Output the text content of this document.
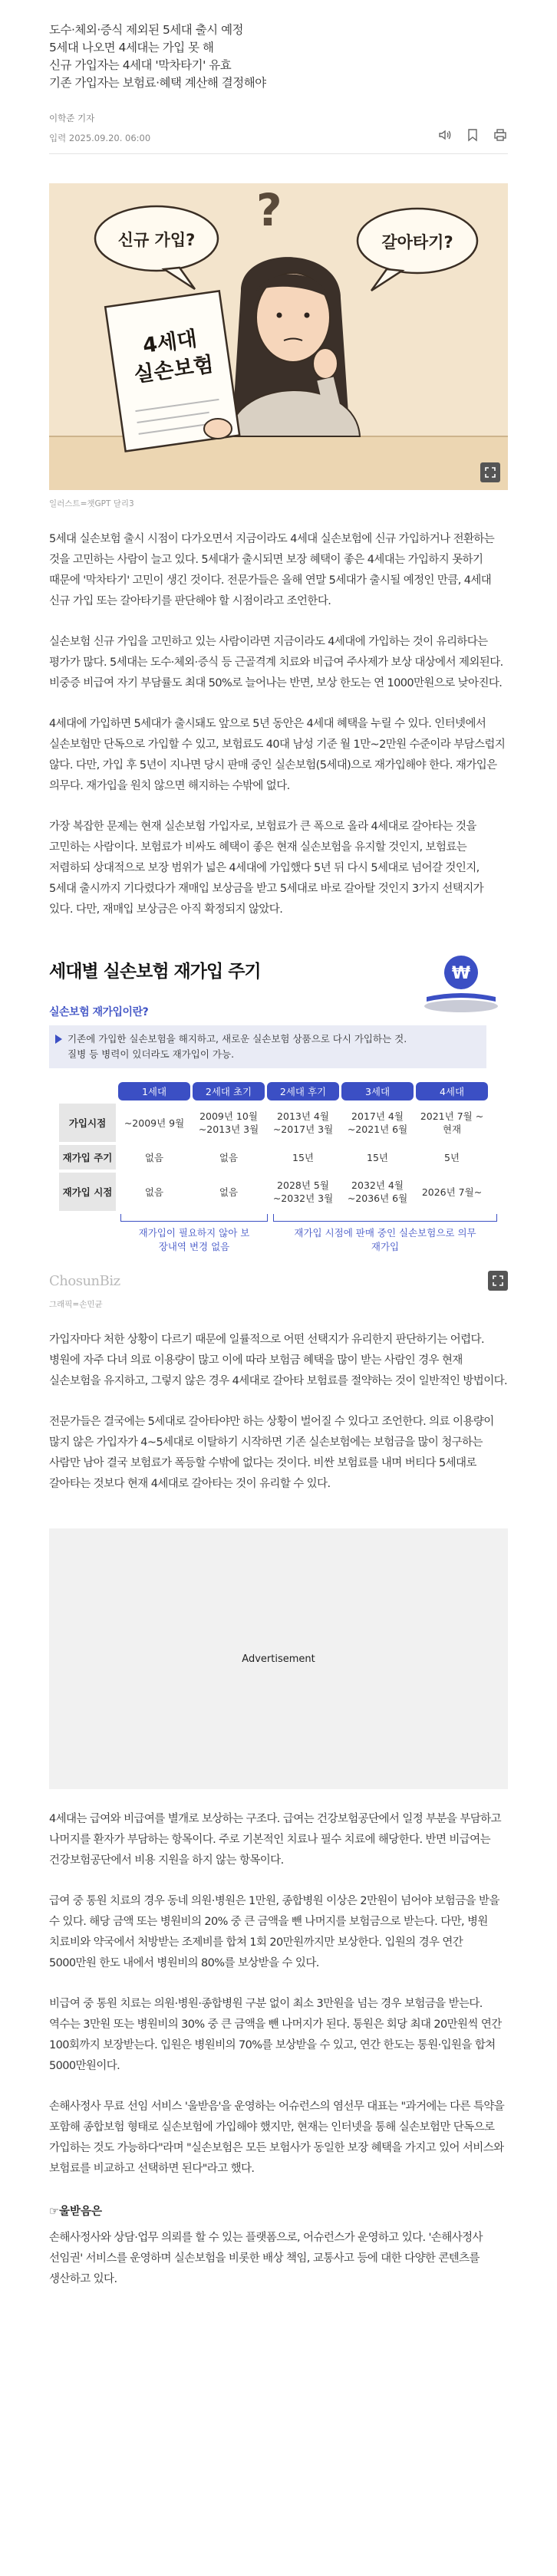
도수·체외·증식 제외된 5세대 출시 예정

5세대 나오면 4세대는 가입 못 해

신규 가입자는 4세대 '막차타기' 유효

기존 가입자는 보험료·혜택 계산해 결정해야

이학준 기자
입력 2025.09.20. 06:00
?
신규 가입?	갈아타기?
4세대
실손보험
일러스트=챗GPT 달리3

5세대 실손보험 출시 시점이 다가오면서 지금이라도 4세대 실손보험에 신규 가입하거나 전환하는 것을 고민하는 사람이 늘고 있다. 5세대가 출시되면 보장 혜택이 좋은 4세대는 가입하지 못하기 때문에 '막차타기' 고민이 생긴 것이다. 전문가들은 올해 연말 5세대가 출시될 예정인 만큼, 4세대 신규 가입 또는 갈아타기를 판단해야 할 시점이라고 조언한다.

실손보험 신규 가입을 고민하고 있는 사람이라면 지금이라도 4세대에 가입하는 것이 유리하다는 평가가 많다. 5세대는 도수·체외·증식 등 근골격계 치료와 비급여 주사제가 보상 대상에서 제외된다. 비중증 비급여 자기 부담률도 최대 50%로 늘어나는 반면, 보상 한도는 연 1000만원으로 낮아진다.

4세대에 가입하면 5세대가 출시돼도 앞으로 5년 동안은 4세대 혜택을 누릴 수 있다. 인터넷에서 실손보험만 단독으로 가입할 수 있고, 보험료도 40대 남성 기준 월 1만~2만원 수준이라 부담스럽지 않다. 다만, 가입 후 5년이 지나면 당시 판매 중인 실손보험(5세대)으로 재가입해야 한다. 재가입은 의무다. 재가입을 원치 않으면 해지하는 수밖에 없다.

가장 복잡한 문제는 현재 실손보험 가입자로, 보험료가 큰 폭으로 올라 4세대로 갈아타는 것을 고민하는 사람이다. 보험료가 비싸도 혜택이 좋은 현재 실손보험을 유지할 것인지, 보험료는 저렴하되 상대적으로 보장 범위가 넓은 4세대에 가입했다 5년 뒤 다시 5세대로 넘어갈 것인지, 5세대 출시까지 기다렸다가 재매입 보상금을 받고 5세대로 바로 갈아탈 것인지 3가지 선택지가 있다. 다만, 재매입 보상금은 아직 확정되지 않았다.

세대별 실손보험 재가입 주기	₩
실손보험 재가입이란?
기존에 가입한 실손보험을 해지하고, 새로운 실손보험 상품으로 다시 가입하는 것.
질병 등 병력이 있더라도 재가입이 가능.
	1세대	2세대 초기	2세대 후기	3세대	4세대
가입시점	~2009년 9월	2009년 10월 ~2013년 3월	2013년 4월 ~2017년 3월	2017년 4월 ~2021년 6월	2021년 7월 ~현재
재가입 주기	없음	없음	15년	15년	5년
재가입 시점	없음	없음	2028년 5월 ~2032년 3월	2032년 4월 ~2036년 6월	2026년 7월~
재가입이 필요하지 않아 보장내역 변경 없음
재가입 시점에 판매 중인 실손보험으로 의무 재가입
ChosunBiz
그래픽=손민균

가입자마다 처한 상황이 다르기 때문에 일률적으로 어떤 선택지가 유리한지 판단하기는 어렵다. 병원에 자주 다녀 의료 이용량이 많고 이에 따라 보험금 혜택을 많이 받는 사람인 경우 현재 실손보험을 유지하고, 그렇지 않은 경우 4세대로 갈아타 보험료를 절약하는 것이 일반적인 방법이다.

전문가들은 결국에는 5세대로 갈아타야만 하는 상황이 벌어질 수 있다고 조언한다. 의료 이용량이 많지 않은 가입자가 4~5세대로 이탈하기 시작하면 기존 실손보험에는 보험금을 많이 청구하는 사람만 남아 결국 보험료가 폭등할 수밖에 없다는 것이다. 비싼 보험료를 내며 버티다 5세대로 갈아타는 것보다 현재 4세대로 갈아타는 것이 유리할 수 있다.

Advertisement

4세대는 급여와 비급여를 별개로 보상하는 구조다. 급여는 건강보험공단에서 일정 부분을 부담하고 나머지를 환자가 부담하는 항목이다. 주로 기본적인 치료나 필수 치료에 해당한다. 반면 비급여는 건강보험공단에서 비용 지원을 하지 않는 항목이다.

급여 중 통원 치료의 경우 동네 의원·병원은 1만원, 종합병원 이상은 2만원이 넘어야 보험금을 받을 수 있다. 해당 금액 또는 병원비의 20% 중 큰 금액을 뺀 나머지를 보험금으로 받는다. 다만, 병원 치료비와 약국에서 처방받는 조제비를 합쳐 1회 20만원까지만 보상한다. 입원의 경우 연간 5000만원 한도 내에서 병원비의 80%를 보상받을 수 있다.

비급여 중 통원 치료는 의원·병원·종합병원 구분 없이 최소 3만원을 넘는 경우 보험금을 받는다. 역수는 3만원 또는 병원비의 30% 중 큰 금액을 뺀 나머지가 된다. 통원은 회당 최대 20만원씩 연간 100회까지 보장받는다. 입원은 병원비의 70%를 보상받을 수 있고, 연간 한도는 통원·입원을 합쳐 5000만원이다.

손해사정사 무료 선임 서비스 '울받음'을 운영하는 어슈런스의 염선무 대표는 "과거에는 다른 특약을 포함해 종합보험 형태로 실손보험에 가입해야 했지만, 현재는 인터넷을 통해 실손보험만 단독으로 가입하는 것도 가능하다"라며 "실손보험은 모든 보험사가 동일한 보장 혜택을 가지고 있어 서비스와 보험료를 비교하고 선택하면 된다"라고 했다.

☞울받음은

손해사정사와 상담·업무 의뢰를 할 수 있는 플랫폼으로, 어슈런스가 운영하고 있다. '손해사정사 선임권' 서비스를 운영하며 실손보험을 비롯한 배상 책임, 교통사고 등에 대한 다양한 콘텐츠를 생산하고 있다.
